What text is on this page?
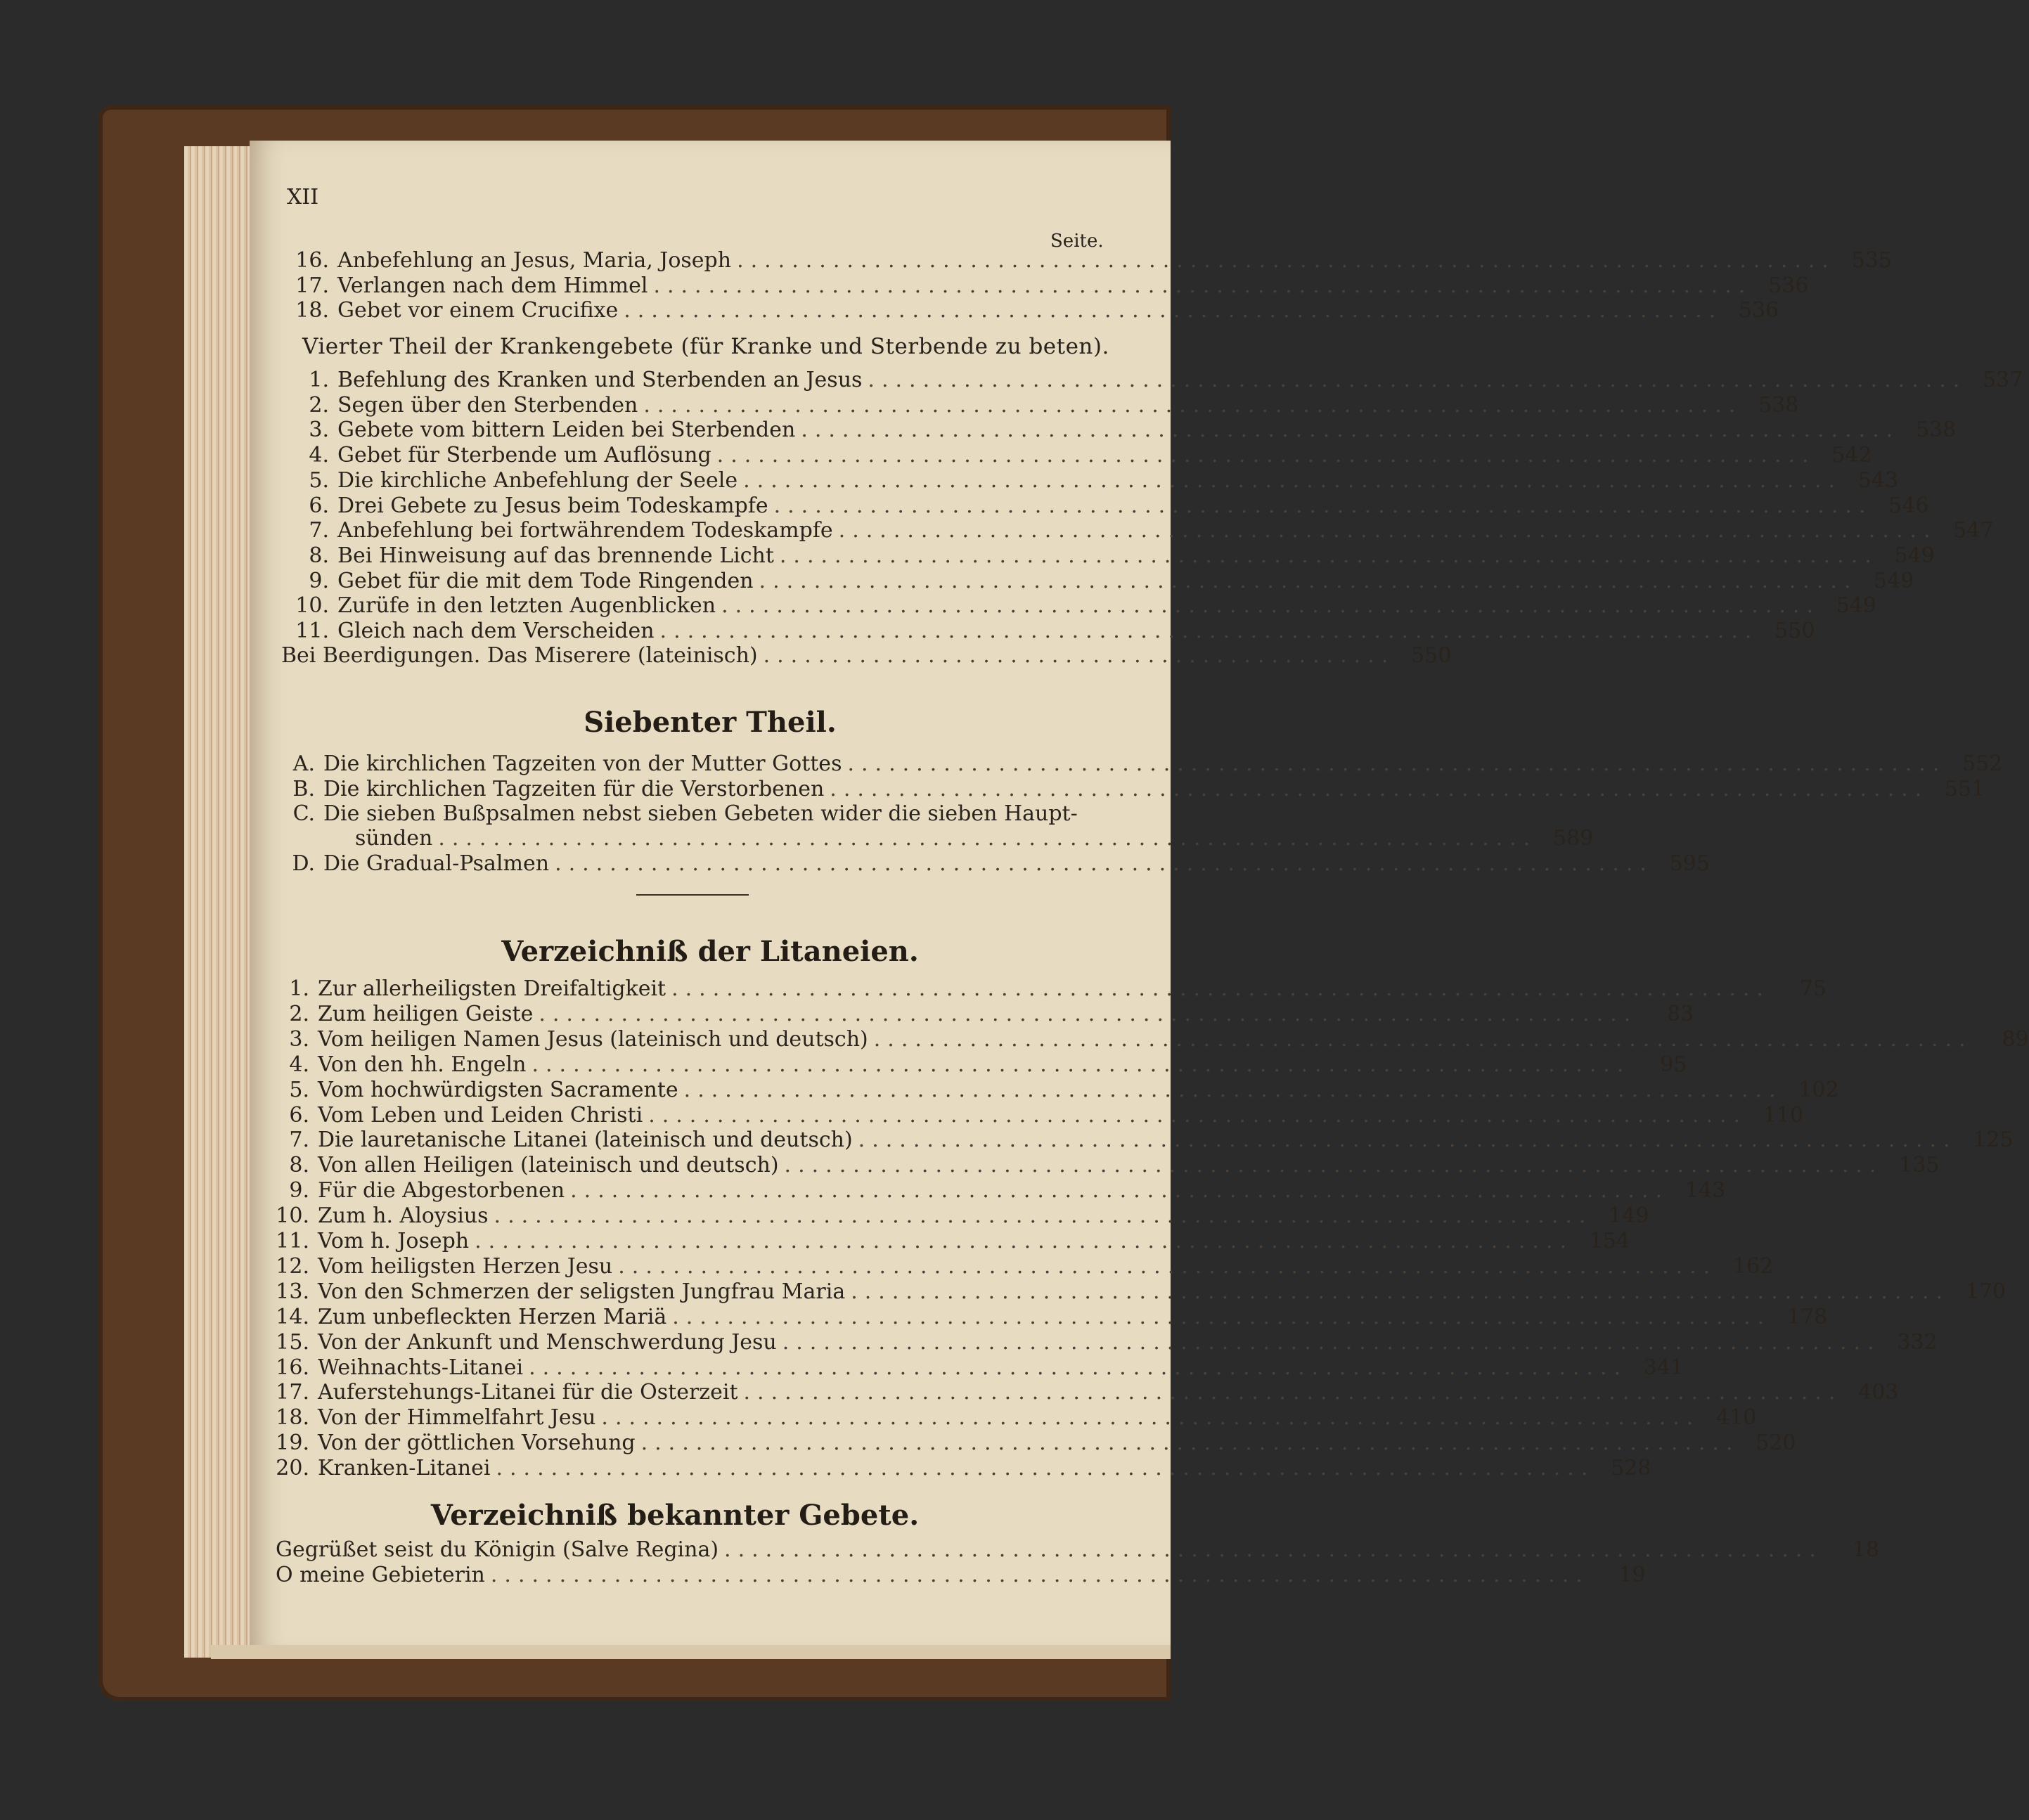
XII
Seite.
Vierter Theil der Krankengebete (für Kranke und Sterbende zu beten).
Bei Beerdigungen. Das Miserere (lateinisch) .............................................. 550
Siebenter Theil.
Verzeichniß der Litaneien.
Verzeichniß bekannter Gebete.
16. Anbefehlung an Jesus, Maria, Joseph ................................................................................ 535
17. Verlangen nach dem Himmel ................................................................................ 536
18. Gebet vor einem Crucifixe ................................................................................ 536
1. Befehlung des Kranken und Sterbenden an Jesus ................................................................................ 537
2. Segen über den Sterbenden ................................................................................ 538
3. Gebete vom bittern Leiden bei Sterbenden ................................................................................ 538
4. Gebet für Sterbende um Auflösung ................................................................................ 542
5. Die kirchliche Anbefehlung der Seele ................................................................................ 543
6. Drei Gebete zu Jesus beim Todeskampfe ................................................................................ 546
7. Anbefehlung bei fortwährendem Todeskampfe ................................................................................ 547
8. Bei Hinweisung auf das brennende Licht ................................................................................ 549
9. Gebet für die mit dem Tode Ringenden ................................................................................ 549
10. Zurüfe in den letzten Augenblicken ................................................................................ 549
11. Gleich nach dem Verscheiden ................................................................................ 550
A. Die kirchlichen Tagzeiten von der Mutter Gottes ................................................................................ 552
B. Die kirchlichen Tagzeiten für die Verstorbenen ................................................................................ 551
C. Die sieben Bußpsalmen nebst sieben Gebeten wider die sieben Haupt-
sünden ................................................................................ 589
D. Die Gradual-Psalmen ................................................................................ 595
1. Zur allerheiligsten Dreifaltigkeit ................................................................................	75
2. Zum heiligen Geiste ................................................................................	83
3. Vom heiligen Namen Jesus (lateinisch und deutsch) ................................................................................	89
4. Von den hh. Engeln ................................................................................	95
5. Vom hochwürdigsten Sacramente ................................................................................ 102
6. Vom Leben und Leiden Christi ................................................................................ 110
7. Die lauretanische Litanei (lateinisch und deutsch) ................................................................................ 125
8. Von allen Heiligen (lateinisch und deutsch) ................................................................................ 135
9. Für die Abgestorbenen ................................................................................ 143
10. Zum h. Aloysius ................................................................................ 149
11. Vom h. Joseph ................................................................................ 154
12. Vom heiligsten Herzen Jesu ................................................................................ 162
13. Von den Schmerzen der seligsten Jungfrau Maria ................................................................................ 170
14. Zum unbefleckten Herzen Mariä ................................................................................ 178
15. Von der Ankunft und Menschwerdung Jesu ................................................................................ 332
16. Weihnachts-Litanei ................................................................................ 341
17. Auferstehungs-Litanei für die Osterzeit ................................................................................ 403
18. Von der Himmelfahrt Jesu ................................................................................ 410
19. Von der göttlichen Vorsehung ................................................................................ 520
20. Kranken-Litanei ................................................................................ 528
Gegrüßet seist du Königin (Salve Regina) ................................................................................	18
O meine Gebieterin ................................................................................	19
